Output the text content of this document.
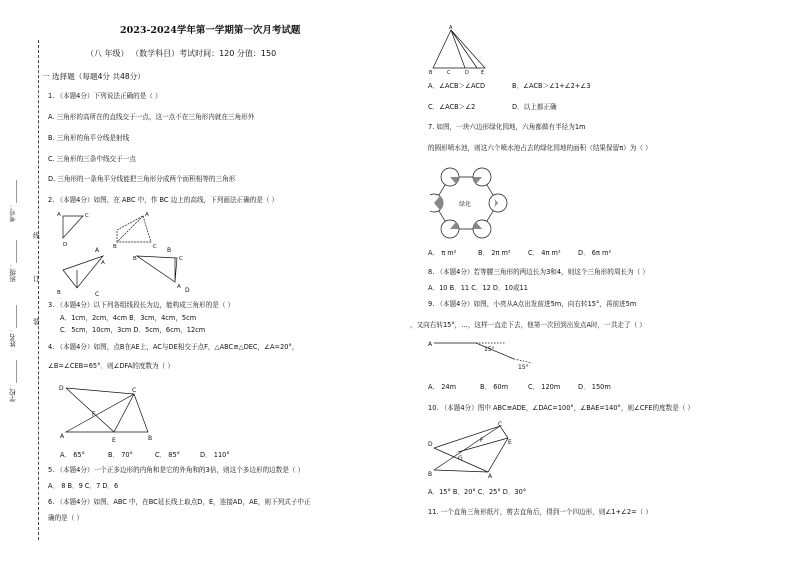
考号：_______
班级：_______
姓名：_______
学校：_______
线
订
装
2023-2024学年第一学期第一次月考试题
（八 年级） （数学科目）考试时间：120 分值：150
一 选择题（每题4分 共48分）
1. （本题4分）下列说法正确的是（ ）
A. 三角形的高所在的直线交于一点，这一点不在三角形内就在三角形外
B. 三角形的角平分线是射线
C. 三角形的三条中线交于一点
D. 三角形的一条角平分线能把三角形分成两个面积相等的三角形
2. （本题4分）如图，在 ABC 中，作 BC 边上的高线，下列画法正确的是（ ）
A	C
D	B	C
A
B
A
B	C
A
A	B
C
D
3. （本题4分）以下列各组线段长为边，能构成三角形的是（ ）
A．1cm，2cm，4cm B．3cm，4cm，5cm
C．5cm，10cm，3cm D．5cm，6cm，12cm
4. （本题4分）如图，点B在AE上，AC与DE相交于点F，△ABC≌△DEC，∠A=20°，
∠B=∠CEB=65°．则∠DFA的度数为（ ）
D	C
F
A	B
E
A． 65°	B． 70°	C． 85°	D． 110°
5. （本题4分）一个正多边形的内角和是它的外角和的3倍，则这个多边形的边数是（ ）
A． 8 B．9 C．7 D．6
6. （本题4分）如图，ABC 中，在BC延长线上取点D，E，连接AD，AE，则下列式子中正
确的是（ ）
A
B	C	D E
A．∠ACB＞∠ACD	B．∠ACB＞∠1+∠2+∠3
C．∠ACB＞∠2	D．以上都正确
7. 如图，一块六边形绿化园地，六角都做有半径为1m
的圆形喷水池，则这六个喷水池占去的绿化园地的面积（结果保留π）为（ ）
绿化
A． π m²	B． 2π m²	C． 4π m²	D． 6π m²
8. （本题4分）若等腰三角形的两边长为3和4，则这个三角形的周长为（ ）
A．10 B．11 C．12 D．10或11
9. （本题4分）如图，小亮从A点出发前进5m，向右转15°，再前进5m
，又向右转15°，…，这样一直走下去，他第一次回到出发点A时，一共走了（ ）
A
15°
15°
A． 24m	B． 60m	C． 120m	D． 150m
10. （本题4分）图中 ABC≌ADE，∠DAC=100°，∠BAE=140°，则∠CFE的度数是（ ）
D
F	E
C
G
B	A
A．15° B．20° C．25° D．30°
11. 一个直角三角形纸片，剪去直角后，得到一个四边形，则∠1+∠2=（ ）
